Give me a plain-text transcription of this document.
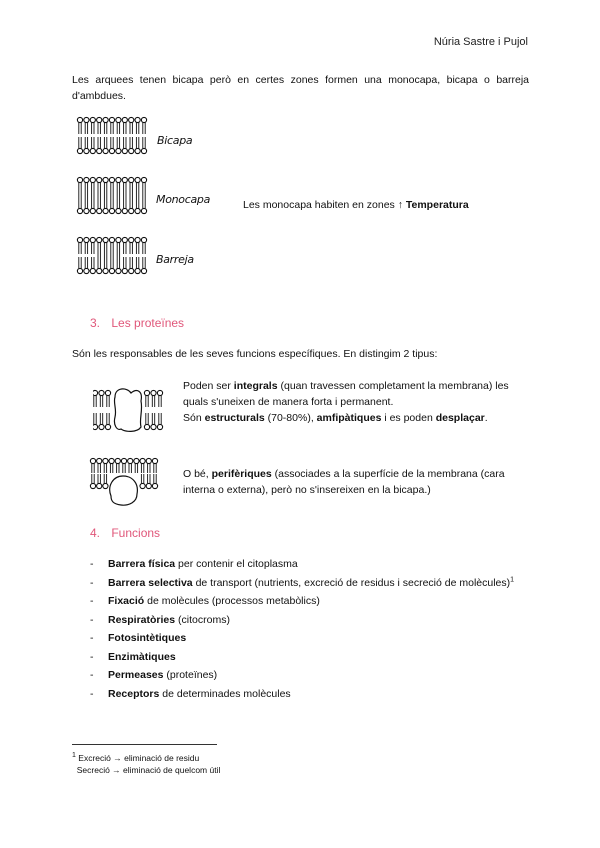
Núria Sastre i Pujol
Les arquees tenen bicapa però en certes zones formen una monocapa, bicapa o barreja d'ambdues.
Bicapa
Monocapa
Barreja
Les monocapa habiten en zones ↑ Temperatura
3. Les proteïnes
Són les responsables de les seves funcions específiques. En distingim 2 tipus:
Poden ser integrals (quan travessen completament la membrana) les quals s'uneixen de manera forta i permanent.
Són estructurals (70-80%), amfipàtiques i es poden desplaçar.
O bé, perifèriques (associades a la superfície de la membrana (cara interna o externa), però no s'insereixen en la bicapa.)
4. Funcions
- Barrera física per contenir el citoplasma
- Barrera selectiva de transport (nutrients, excreció de residus i secreció de molècules)$^1$
- Fixació de molècules (processos metabòlics)
- Respiratòries (citocroms)
- Fotosintètiques
- Enzimàtiques
- Permeases (proteïnes)
- Receptors de determinades molècules
$^1$ Excreció → eliminació de residu
Secreció → eliminació de quelcom útil
